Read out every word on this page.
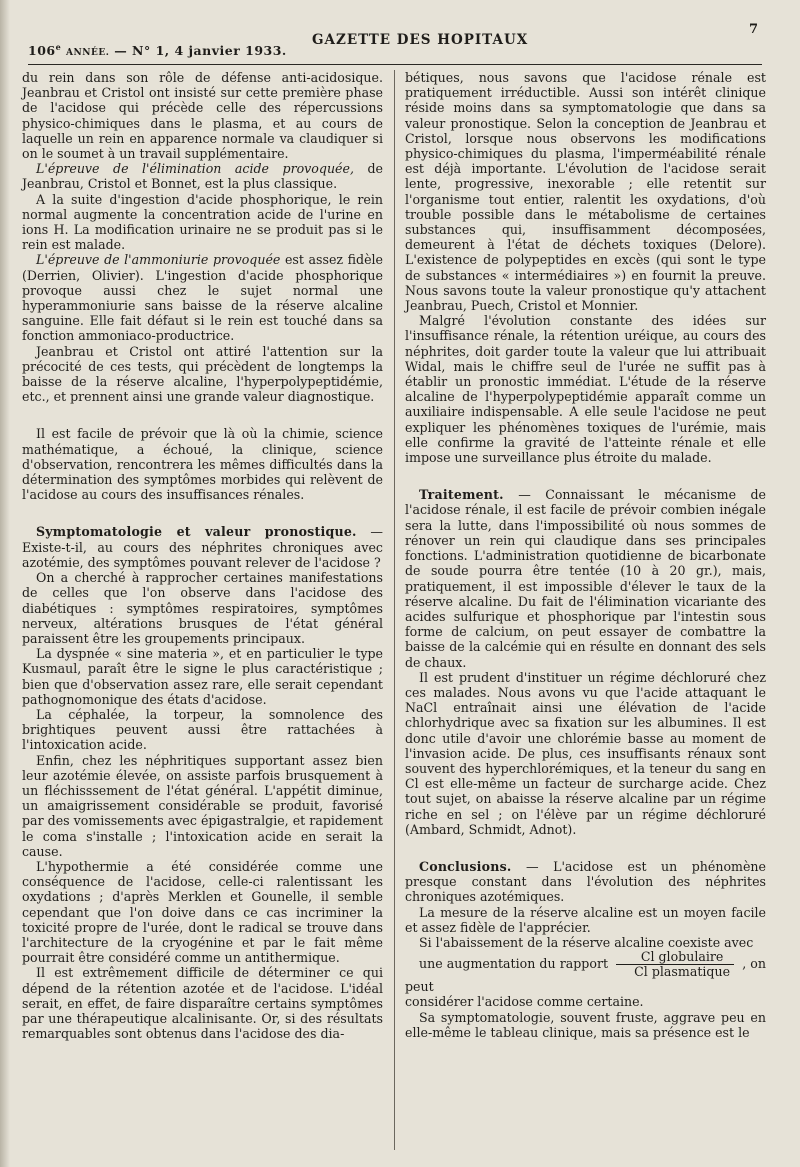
106e ANNÉE. — N° 1, 4 janvier 1933.
GAZETTE DES HOPITAUX
7

du rein dans son rôle de défense anti-acidosique. Jeanbrau et Cristol ont insisté sur cette première phase de l'acidose qui précède celle des répercussions physico-chimiques dans le plasma, et au cours de laquelle un rein en apparence normale va claudiquer si on le soumet à un travail supplémentaire.

L'épreuve de l'élimination acide provoquée, de Jeanbrau, Cristol et Bonnet, est la plus classique.

A la suite d'ingestion d'acide phosphorique, le rein normal augmente la concentration acide de l'urine en ions H. La modification urinaire ne se produit pas si le rein est malade.

L'épreuve de l'ammoniurie provoquée est assez fidèle (Derrien, Olivier). L'ingestion d'acide phosphorique provoque aussi chez le sujet normal une hyperammoniurie sans baisse de la réserve alcaline sanguine. Elle fait défaut si le rein est touché dans sa fonction ammoniaco-productrice.

Jeanbrau et Cristol ont attiré l'attention sur la précocité de ces tests, qui précèdent de longtemps la baisse de la réserve alcaline, l'hyperpolypeptidémie, etc., et prennent ainsi une grande valeur diagnostique.

Il est facile de prévoir que là où la chimie, science mathématique, a échoué, la clinique, science d'observation, rencontrera les mêmes difficultés dans la détermination des symptômes morbides qui relèvent de l'acidose au cours des insuffisances rénales.

Symptomatologie et valeur pronostique. — Existe-t-il, au cours des néphrites chroniques avec azotémie, des symptômes pouvant relever de l'acidose ?

On a cherché à rapprocher certaines manifestations de celles que l'on observe dans l'acidose des diabétiques : symptômes respiratoires, symptômes nerveux, altérations brusques de l'état général paraissent être les groupements principaux.

La dyspnée « sine materia », et en particulier le type Kusmaul, paraît être le signe le plus caractéristique ; bien que d'observation assez rare, elle serait cependant pathognomonique des états d'acidose.

La céphalée, la torpeur, la somnolence des brightiques peuvent aussi être rattachées à l'intoxication acide.

Enfin, chez les néphritiques supportant assez bien leur azotémie élevée, on assiste parfois brusquement à un fléchisssement de l'état général. L'appétit diminue, un amaigrissement considérable se produit, favorisé par des vomissements avec épigastralgie, et rapidement le coma s'installe ; l'intoxication acide en serait la cause.

L'hypothermie a été considérée comme une conséquence de l'acidose, celle-ci ralentissant les oxydations ; d'après Merklen et Gounelle, il semble cependant que l'on doive dans ce cas incriminer la toxicité propre de l'urée, dont le radical se trouve dans l'architecture de la cryogénine et par le fait même pourrait être considéré comme un antithermique.

Il est extrêmement difficile de déterminer ce qui dépend de la rétention azotée et de l'acidose. L'idéal serait, en effet, de faire disparaître certains symptômes par une thérapeutique alcalinisante. Or, si des résultats remarquables sont obtenus dans l'acidose des dia-

bétiques, nous savons que l'acidose rénale est pratiquement irréductible. Aussi son intérêt clinique réside moins dans sa symptomatologie que dans sa valeur pronostique. Selon la conception de Jeanbrau et Cristol, lorsque nous observons les modifications physico-chimiques du plasma, l'imperméabilité rénale est déjà importante. L'évolution de l'acidose serait lente, progressive, inexorable ; elle retentit sur l'organisme tout entier, ralentit les oxydations, d'où trouble possible dans le métabolisme de certaines substances qui, insuffisamment décomposées, demeurent à l'état de déchets toxiques (Delore). L'existence de polypeptides en excès (qui sont le type de substances « intermédiaires ») en fournit la preuve. Nous savons toute la valeur pronostique qu'y attachent Jeanbrau, Puech, Cristol et Monnier.

Malgré l'évolution constante des idées sur l'insuffisance rénale, la rétention uréique, au cours des néphrites, doit garder toute la valeur que lui attribuait Widal, mais le chiffre seul de l'urée ne suffit pas à établir un pronostic immédiat. L'étude de la réserve alcaline de l'hyperpolypeptidémie apparaît comme un auxiliaire indispensable. A elle seule l'acidose ne peut expliquer les phénomènes toxiques de l'urémie, mais elle confirme la gravité de l'atteinte rénale et elle impose une surveillance plus étroite du malade.

Traitement. — Connaissant le mécanisme de l'acidose rénale, il est facile de prévoir combien inégale sera la lutte, dans l'impossibilité où nous sommes de rénover un rein qui claudique dans ses principales fonctions. L'administration quotidienne de bicarbonate de soude pourra être tentée (10 à 20 gr.), mais, pratiquement, il est impossible d'élever le taux de la réserve alcaline. Du fait de l'élimination vicariante des acides sulfurique et phosphorique par l'intestin sous forme de calcium, on peut essayer de combattre la baisse de la calcémie qui en résulte en donnant des sels de chaux.

Il est prudent d'instituer un régime déchloruré chez ces malades. Nous avons vu que l'acide attaquant le NaCl entraînait ainsi une élévation de l'acide chlorhydrique avec sa fixation sur les albumines. Il est donc utile d'avoir une chlorémie basse au moment de l'invasion acide. De plus, ces insuffisants rénaux sont souvent des hyperchlorémiques, et la teneur du sang en Cl est elle-même un facteur de surcharge acide. Chez tout sujet, on abaisse la réserve alcaline par un régime riche en sel ; on l'élève par un régime déchloruré (Ambard, Schmidt, Adnot).

Conclusions. — L'acidose est un phénomène presque constant dans l'évolution des néphrites chroniques azotémiques.

La mesure de la réserve alcaline est un moyen facile et assez fidèle de l'apprécier.

Si l'abaissement de la réserve alcaline coexiste avec

une augmentation du rapport $\frac{\text{Cl globulaire}}{\text{Cl plasmatique}}$ , on peut

considérer l'acidose comme certaine.

Sa symptomatologie, souvent fruste, aggrave peu en elle-même le tableau clinique, mais sa présence est le
